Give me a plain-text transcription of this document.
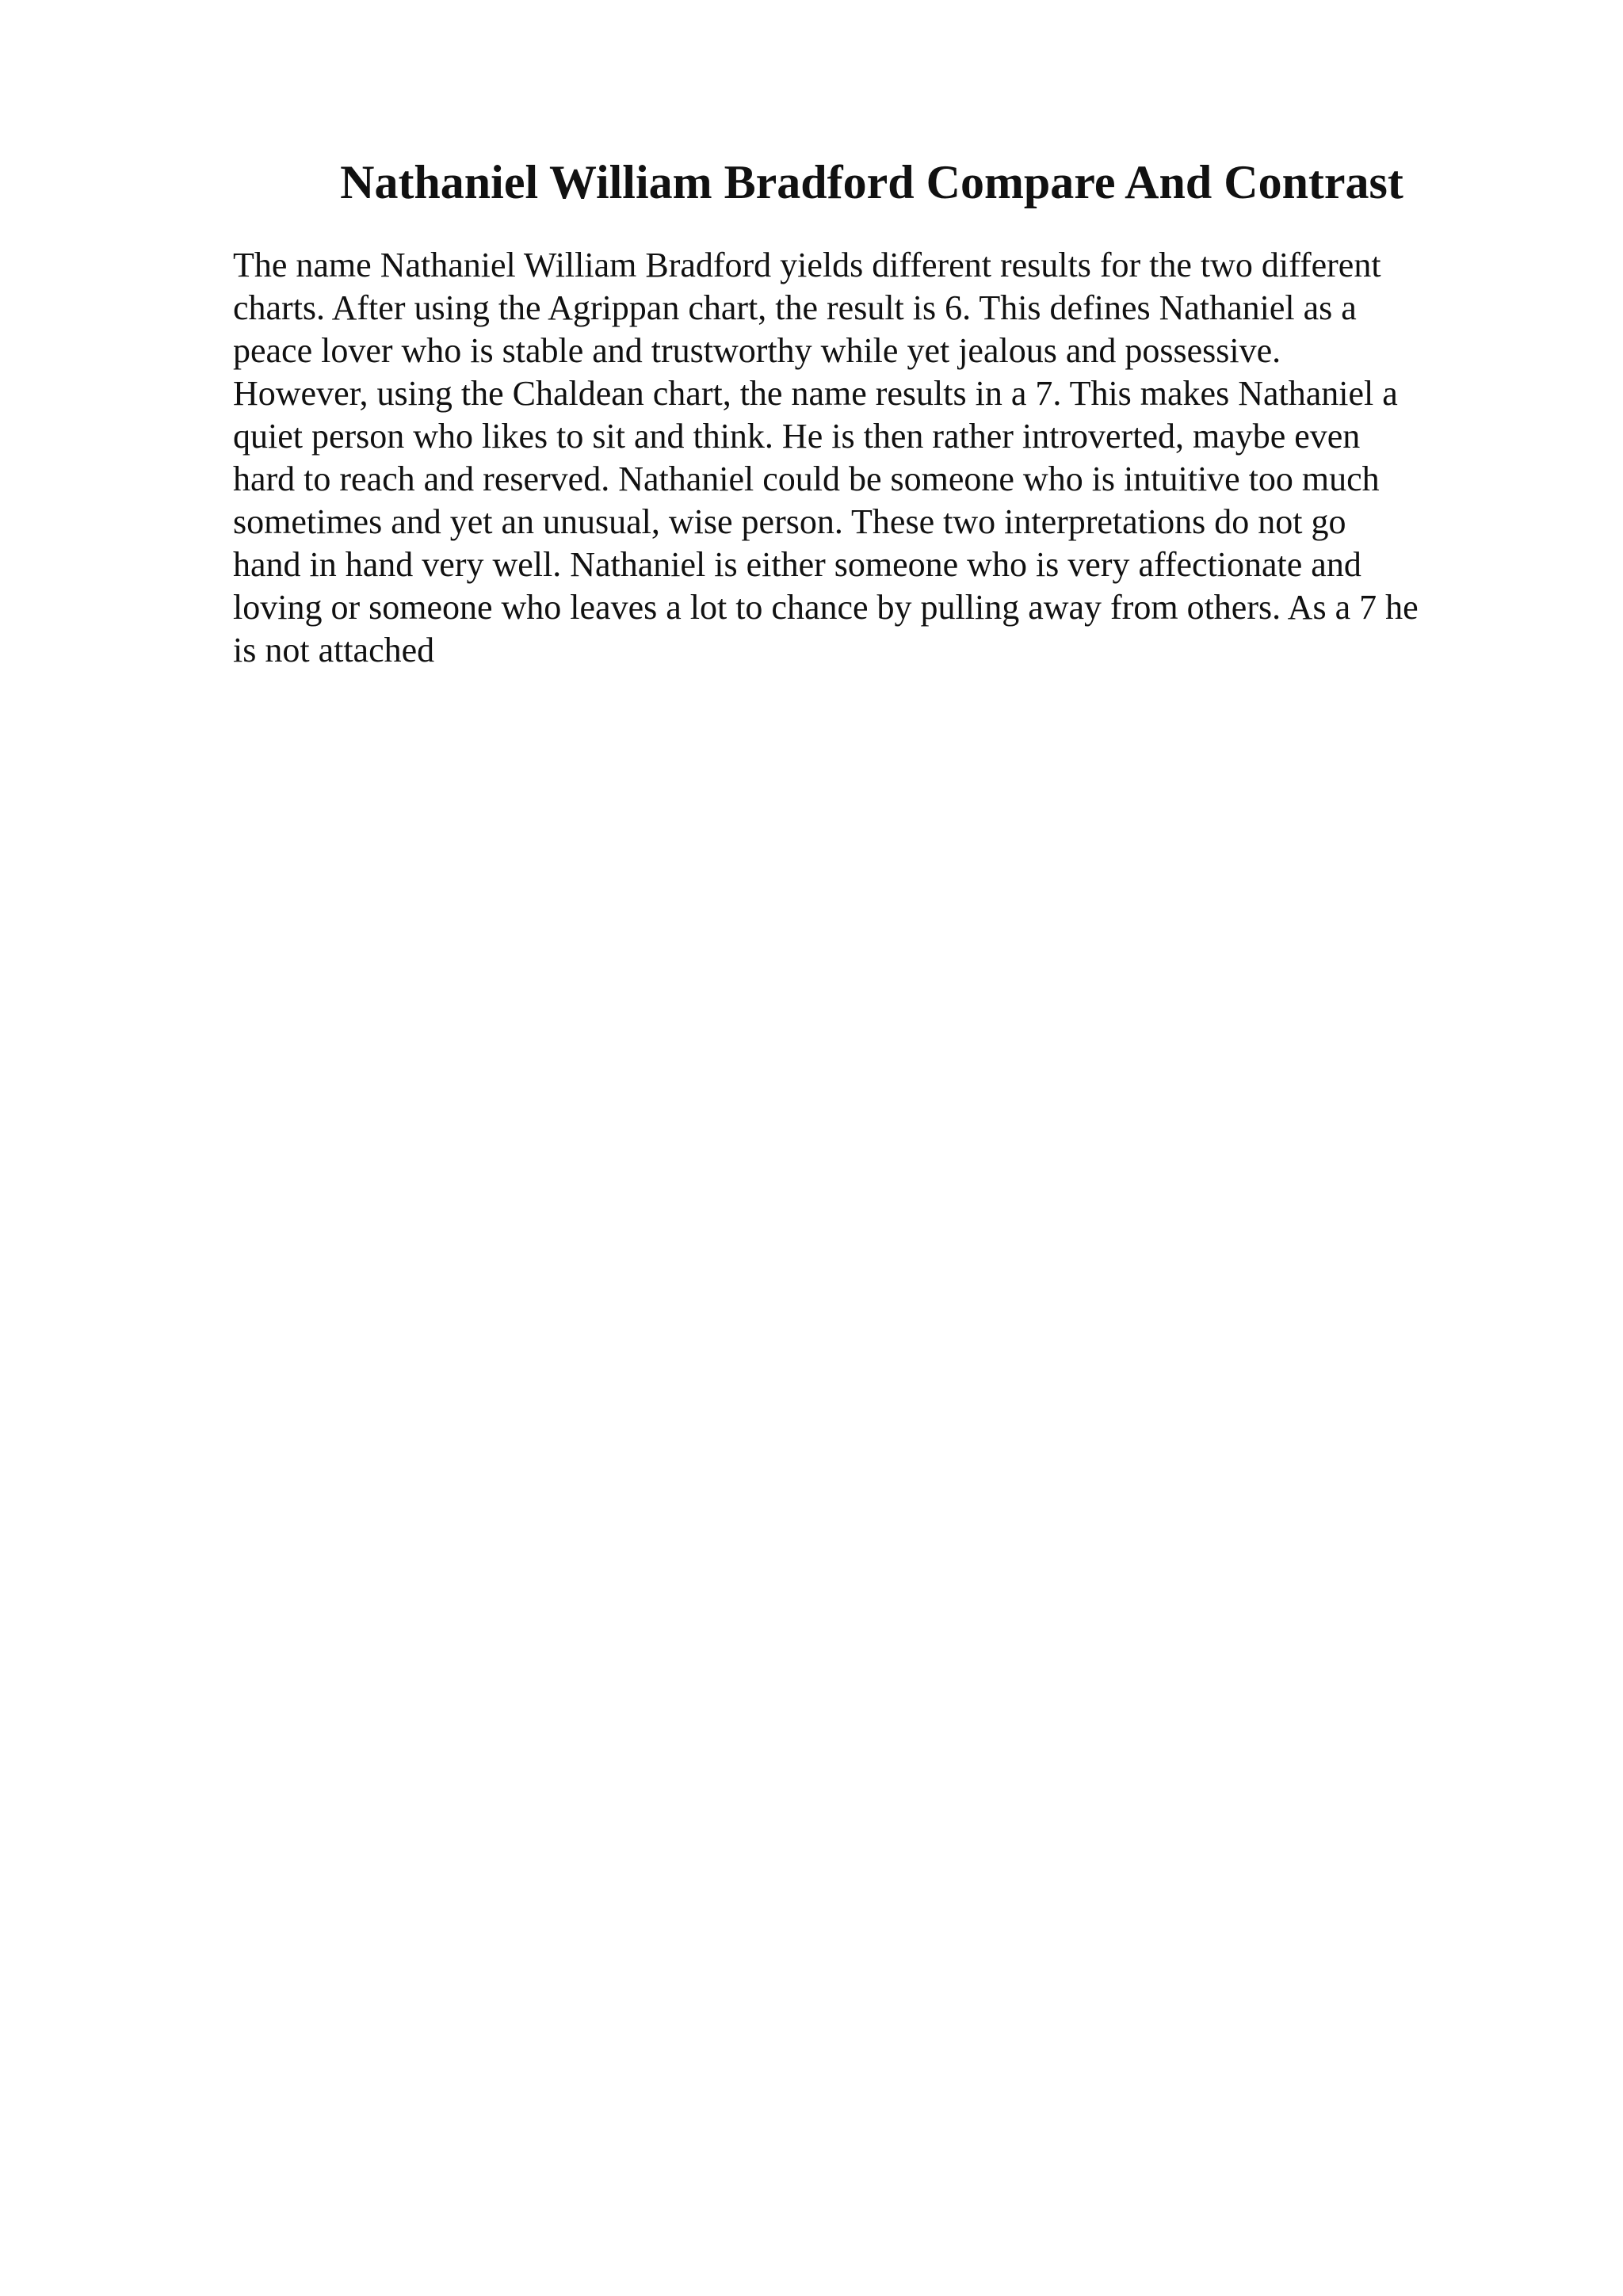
Nathaniel William Bradford Compare And Contrast
The name Nathaniel William Bradford yields different results for the two different
charts. After using the Agrippan chart, the result is 6. This defines Nathaniel as a
peace lover who is stable and trustworthy while yet jealous and possessive.
However, using the Chaldean chart, the name results in a 7. This makes Nathaniel a
quiet person who likes to sit and think. He is then rather introverted, maybe even
hard to reach and reserved. Nathaniel could be someone who is intuitive too much
sometimes and yet an unusual, wise person. These two interpretations do not go
hand in hand very well. Nathaniel is either someone who is very affectionate and
loving or someone who leaves a lot to chance by pulling away from others. As a 7 he
is not attached
